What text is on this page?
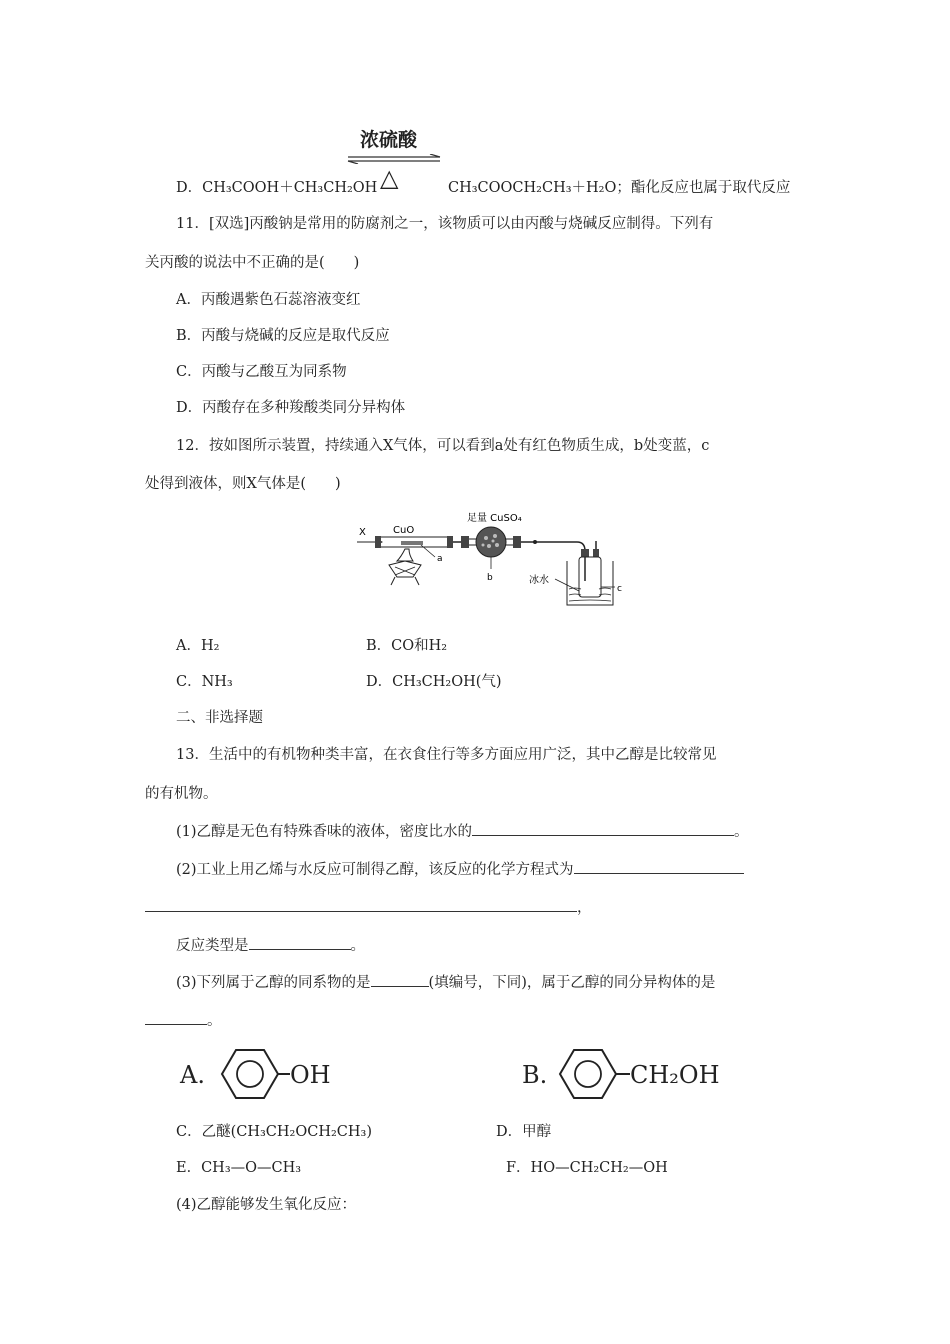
D．CH₃COOH＋CH₃CH₂OH
浓硫酸
△	CH₃COOCH₂CH₃＋H₂O；酯化反应也属于取代反应
11．[双选]丙酸钠是常用的防腐剂之一，该物质可以由丙酸与烧碱反应制得。下列有
关丙酸的说法中不正确的是(　　)
A．丙酸遇紫色石蕊溶液变红
B．丙酸与烧碱的反应是取代反应
C．丙酸与乙酸互为同系物
D．丙酸存在多种羧酸类同分异构体
12．按如图所示装置，持续通入X气体，可以看到a处有红色物质生成，b处变蓝，c
处得到液体，则X气体是(　　)
X	CuO
a
足量 CuSO₄
b	冰水
c
A．H₂	B．CO和H₂
C．NH₃	D．CH₃CH₂OH(气)
二、非选择题
13．生活中的有机物种类丰富，在衣食住行等多方面应用广泛，其中乙醇是比较常见
的有机物。
(1)乙醇是无色有特殊香味的液体，密度比水的	。
(2)工业上用乙烯与水反应可制得乙醇，该反应的化学方程式为
，
反应类型是	。
(3)下列属于乙醇的同系物的是	(填编号，下同)，属于乙醇的同分异构体的是
。
A.	OH	B.	CH₂OH
C．乙醚(CH₃CH₂OCH₂CH₃)	D．甲醇
E．CH₃—O—CH₃	F．HO—CH₂CH₂—OH
(4)乙醇能够发生氧化反应：
